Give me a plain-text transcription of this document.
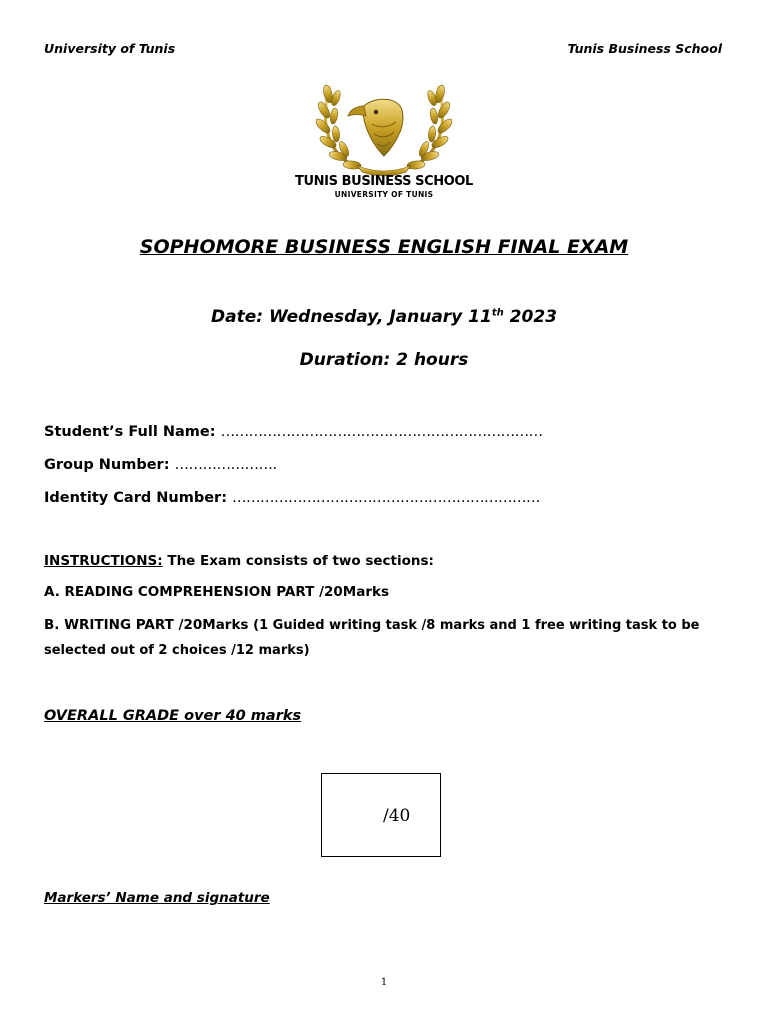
University of Tunis	Tunis Business School
TUNIS BUSINESS SCHOOL
UNIVERSITY OF TUNIS
SOPHOMORE BUSINESS ENGLISH FINAL EXAM
Date: Wednesday, January 11th 2023
Duration: 2 hours
Student’s Full Name: ……………………………………………………………
Group Number: ………………….
Identity Card Number: …………………………………………………………
INSTRUCTIONS: The Exam consists of two sections:
A. READING COMPREHENSION PART /20Marks
B. WRITING PART /20Marks (1 Guided writing task /8 marks and 1 free writing task to be selected out of 2 choices /12 marks)
OVERALL GRADE over 40 marks
/40
Markers’ Name and signature
1
